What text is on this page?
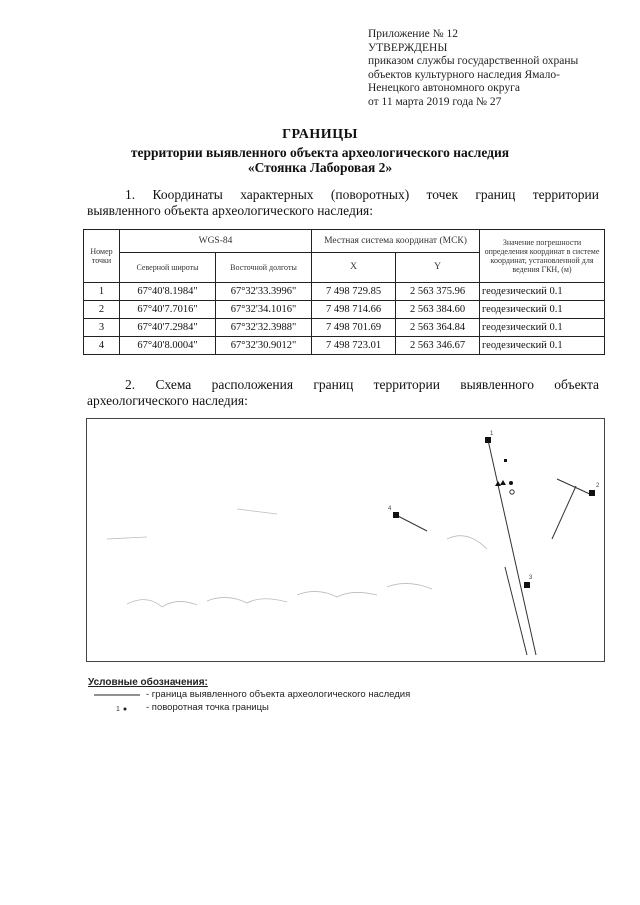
Приложение № 12
УТВЕРЖДЕНЫ
приказом службы государственной охраны
объектов культурного наследия Ямало-
Ненецкого автономного округа
от 11 марта 2019 года № 27
ГРАНИЦЫ
территории выявленного объекта археологического наследия
«Стоянка Лаборовая 2»
1. Координаты характерных (поворотных) точек границ территории
выявленного объекта археологического наследия:
Номер точки	WGS-84		Местная система координат (МСК)		Значение погрешности определения координат в системе координат, установленной для ведения ГКН, (м)
	Северной широты	Восточной долготы	X	Y	
1	67°40'8.1984"	67°32'33.3996"	7 498 729.85	2 563 375.96	геодезический 0.1
2	67°40'7.7016"	67°32'34.1016"	7 498 714.66	2 563 384.60	геодезический 0.1
3	67°40'7.2984"	67°32'32.3988"	7 498 701.69	2 563 364.84	геодезический 0.1
4	67°40'8.0004"	67°32'30.9012"	7 498 723.01	2 563 346.67	геодезический 0.1
2. Схема расположения границ территории выявленного объекта
археологического наследия:
1
2
3
4
Условные обозначения:
- граница выявленного объекта археологического наследия
1	- поворотная точка границы
